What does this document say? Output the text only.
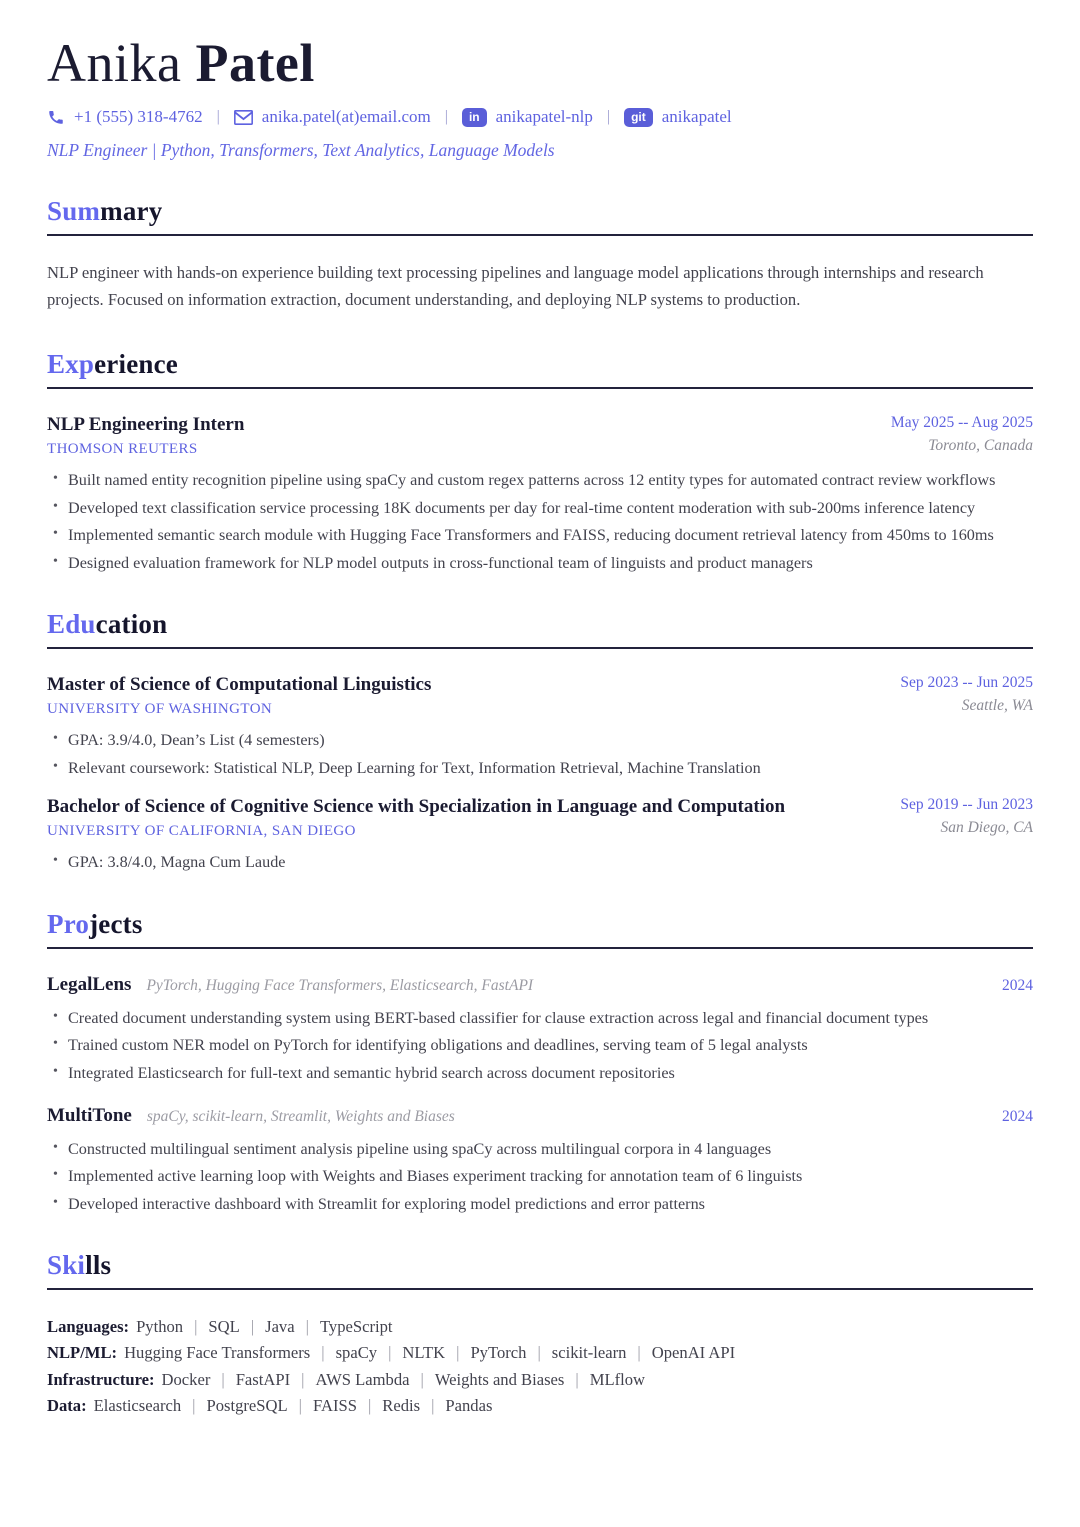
Anika Patel
+1 (555) 318-4762 | anika.patel(at)email.com |	in anikapatel-nlp |	git anikapatel
NLP Engineer | Python, Transformers, Text Analytics, Language Models
Summary

NLP engineer with hands-on experience building text processing pipelines and language model applications through internships and research projects. Focused on information extraction, document understanding, and deploying NLP systems to production.

Experience
NLP Engineering Intern
THOMSON REUTERS
May 2025 -- Aug 2025
Toronto, Canada
• Built named entity recognition pipeline using spaCy and custom regex patterns across 12 entity types for automated contract review workflows
• Developed text classification service processing 18K documents per day for real-time content moderation with sub-200ms inference latency
• Implemented semantic search module with Hugging Face Transformers and FAISS, reducing document retrieval latency from 450ms to 160ms
• Designed evaluation framework for NLP model outputs in cross-functional team of linguists and product managers
Education
Master of Science of Computational Linguistics
UNIVERSITY OF WASHINGTON
Sep 2023 -- Jun 2025
Seattle, WA
• GPA: 3.9/4.0, Dean’s List (4 semesters)
• Relevant coursework: Statistical NLP, Deep Learning for Text, Information Retrieval, Machine Translation
Bachelor of Science of Cognitive Science with Specialization in Language and Computation
UNIVERSITY OF CALIFORNIA, SAN DIEGO
Sep 2019 -- Jun 2023
San Diego, CA
• GPA: 3.8/4.0, Magna Cum Laude
Projects
LegalLens PyTorch, Hugging Face Transformers, Elasticsearch, FastAPI	2024
• Created document understanding system using BERT-based classifier for clause extraction across legal and financial document types
• Trained custom NER model on PyTorch for identifying obligations and deadlines, serving team of 5 legal analysts
• Integrated Elasticsearch for full-text and semantic hybrid search across document repositories
MultiTone spaCy, scikit-learn, Streamlit, Weights and Biases	2024
• Constructed multilingual sentiment analysis pipeline using spaCy across multilingual corpora in 4 languages
• Implemented active learning loop with Weights and Biases experiment tracking for annotation team of 6 linguists
• Developed interactive dashboard with Streamlit for exploring model predictions and error patterns
Skills
Languages: Python | SQL | Java | TypeScript
NLP/ML: Hugging Face Transformers | spaCy | NLTK | PyTorch | scikit-learn | OpenAI API
Infrastructure: Docker | FastAPI | AWS Lambda | Weights and Biases | MLflow
Data: Elasticsearch | PostgreSQL | FAISS | Redis | Pandas
